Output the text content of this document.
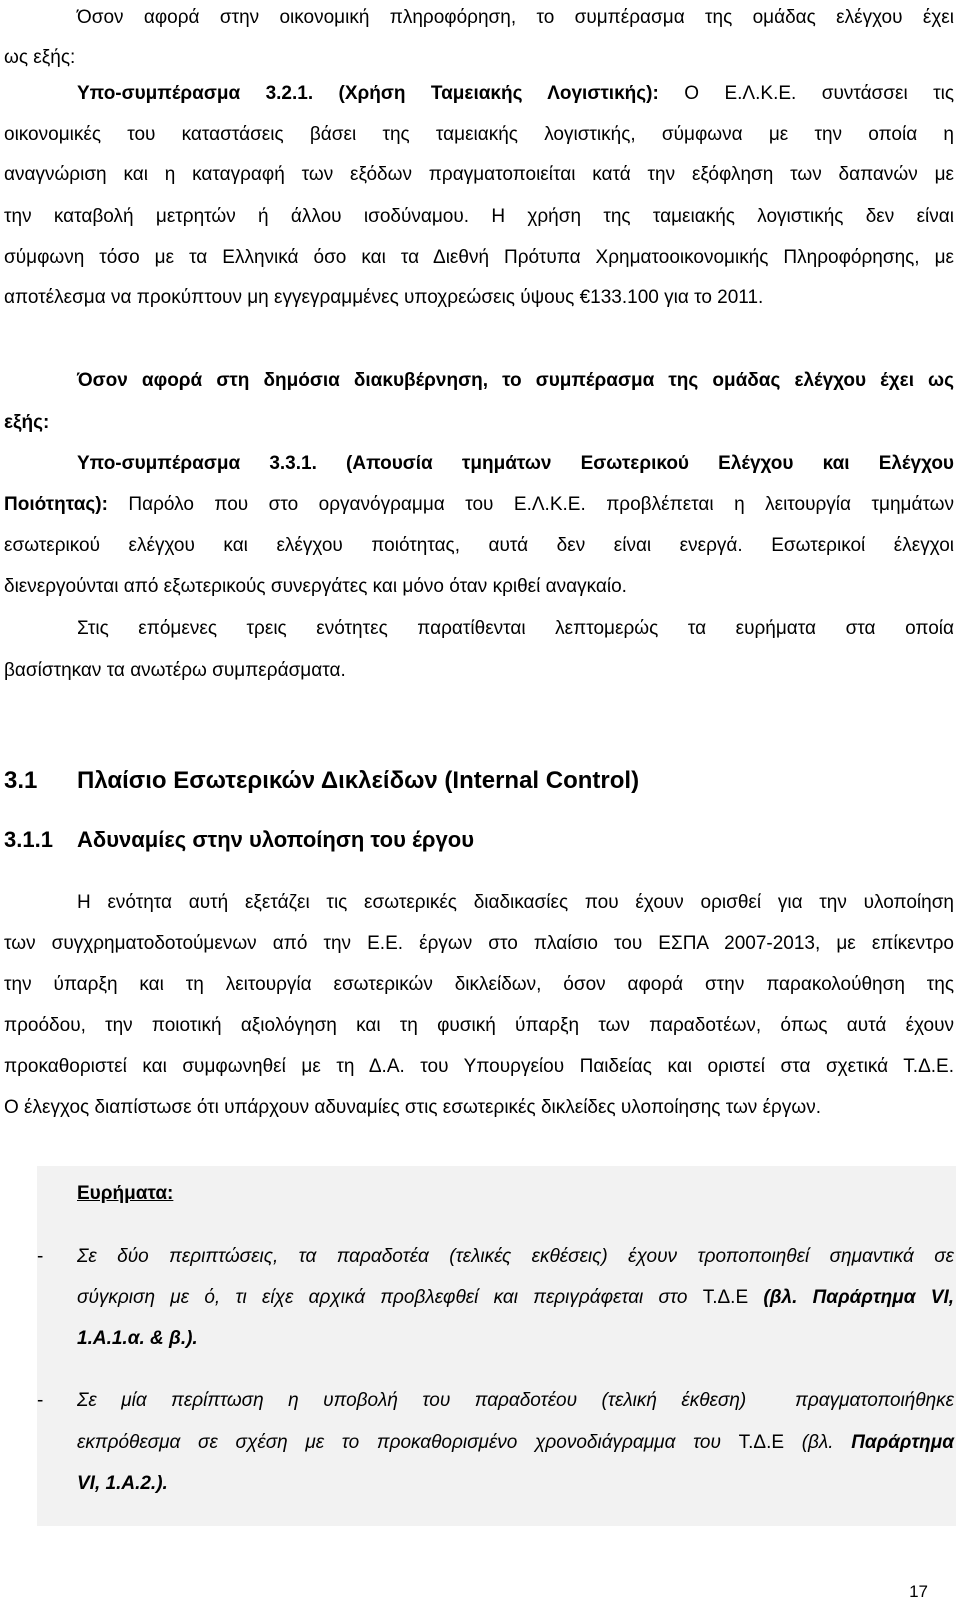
Όσον αφορά στην οικονομική πληροφόρηση, το συμπέρασμα της ομάδας ελέγχου έχει
ως εξής:
Υπο-συμπέρασμα 3.2.1. (Χρήση Ταμειακής Λογιστικής): Ο Ε.Λ.Κ.Ε. συντάσσει τις
οικονομικές του καταστάσεις βάσει της ταμειακής λογιστικής, σύμφωνα με την οποία η
αναγνώριση και η καταγραφή των εξόδων πραγματοποιείται κατά την εξόφληση των δαπανών με
την καταβολή μετρητών ή άλλου ισοδύναμου. Η χρήση της ταμειακής λογιστικής δεν είναι
σύμφωνη τόσο με τα Ελληνικά όσο και τα Διεθνή Πρότυπα Χρηματοοικονομικής Πληροφόρησης, με
αποτέλεσμα να προκύπτουν μη εγγεγραμμένες υποχρεώσεις ύψους €133.100 για το 2011.
Όσον αφορά στη δημόσια διακυβέρνηση, το συμπέρασμα της ομάδας ελέγχου έχει ως
εξής:
Υπο-συμπέρασμα 3.3.1. (Απουσία τμημάτων Εσωτερικού Ελέγχου και Ελέγχου
Ποιότητας): Παρόλο που στο οργανόγραμμα του Ε.Λ.Κ.Ε. προβλέπεται η λειτουργία τμημάτων
εσωτερικού ελέγχου και ελέγχου ποιότητας, αυτά δεν είναι ενεργά. Εσωτερικοί έλεγχοι
διενεργούνται από εξωτερικούς συνεργάτες και μόνο όταν κριθεί αναγκαίο.
Στις επόμενες τρεις ενότητες παρατίθενται λεπτομερώς τα ευρήματα στα οποία
βασίστηκαν τα ανωτέρω συμπεράσματα.
3.1 Πλαίσιο Εσωτερικών Δικλείδων (Internal Control)
3.1.1 Αδυναμίες στην υλοποίηση του έργου
Η ενότητα αυτή εξετάζει τις εσωτερικές διαδικασίες που έχουν ορισθεί για την υλοποίηση
των συγχρηματοδοτούμενων από την Ε.Ε. έργων στο πλαίσιο του ΕΣΠΑ 2007-2013, με επίκεντρο
την ύπαρξη και τη λειτουργία εσωτερικών δικλείδων, όσον αφορά στην παρακολούθηση της
προόδου, την ποιοτική αξιολόγηση και τη φυσική ύπαρξη των παραδοτέων, όπως αυτά έχουν
προκαθοριστεί και συμφωνηθεί με τη Δ.Α. του Υπουργείου Παιδείας και οριστεί στα σχετικά Τ.Δ.Ε.
Ο έλεγχος διαπίστωσε ότι υπάρχουν αδυναμίες στις εσωτερικές δικλείδες υλοποίησης των έργων.
Ευρήματα:
- Σε δύο περιπτώσεις, τα παραδοτέα (τελικές εκθέσεις) έχουν τροποποιηθεί σημαντικά σε
σύγκριση με ό, τι είχε αρχικά προβλεφθεί και περιγράφεται στο Τ.Δ.Ε (βλ. Παράρτημα VI,
1.Α.1.α. & β.).
- Σε μία περίπτωση η υποβολή του παραδοτέου (τελική έκθεση)  πραγματοποιήθηκε
εκπρόθεσμα σε σχέση με το προκαθορισμένο χρονοδιάγραμμα του Τ.Δ.Ε (βλ. Παράρτημα
VI, 1.A.2.).
17
